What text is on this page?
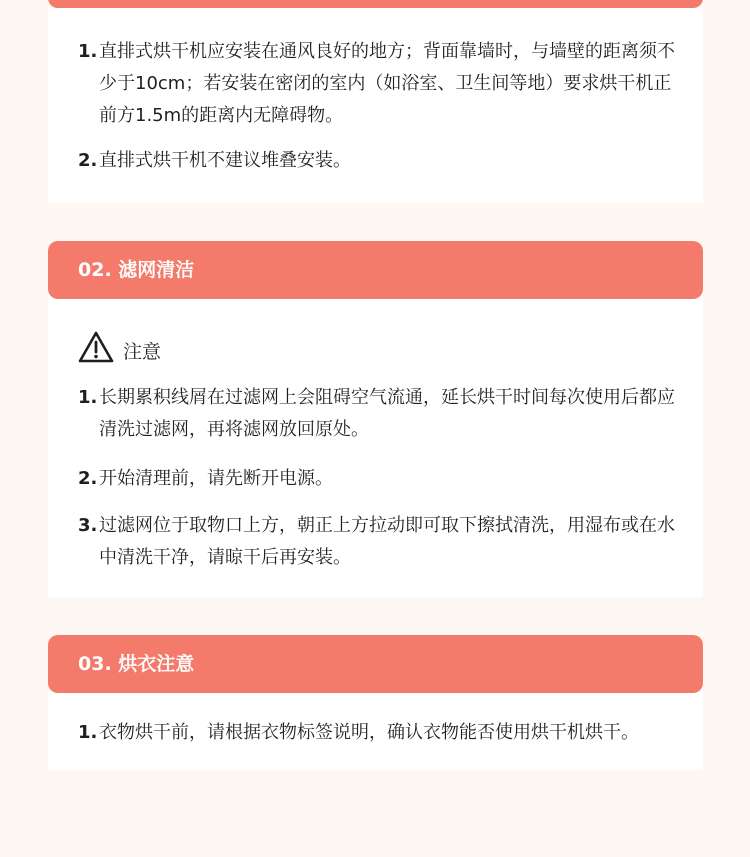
1. 直排式烘干机应安装在通风良好的地方；背面靠墙时，与墙壁的距离须不少于10cm；若安装在密闭的室内（如浴室、卫生间等地）要求烘干机正前方1.5m的距离内无障碍物。
2. 直排式烘干机不建议堆叠安装。
02. 滤网清洁
注意
1. 长期累积线屑在过滤网上会阻碍空气流通，延长烘干时间每次使用后都应清洗过滤网，再将滤网放回原处。
2. 开始清理前，请先断开电源。
3. 过滤网位于取物口上方，朝正上方拉动即可取下擦拭清洗，用湿布或在水中清洗干净，请晾干后再安装。
03. 烘衣注意
1. 衣物烘干前，请根据衣物标签说明，确认衣物能否使用烘干机烘干。
